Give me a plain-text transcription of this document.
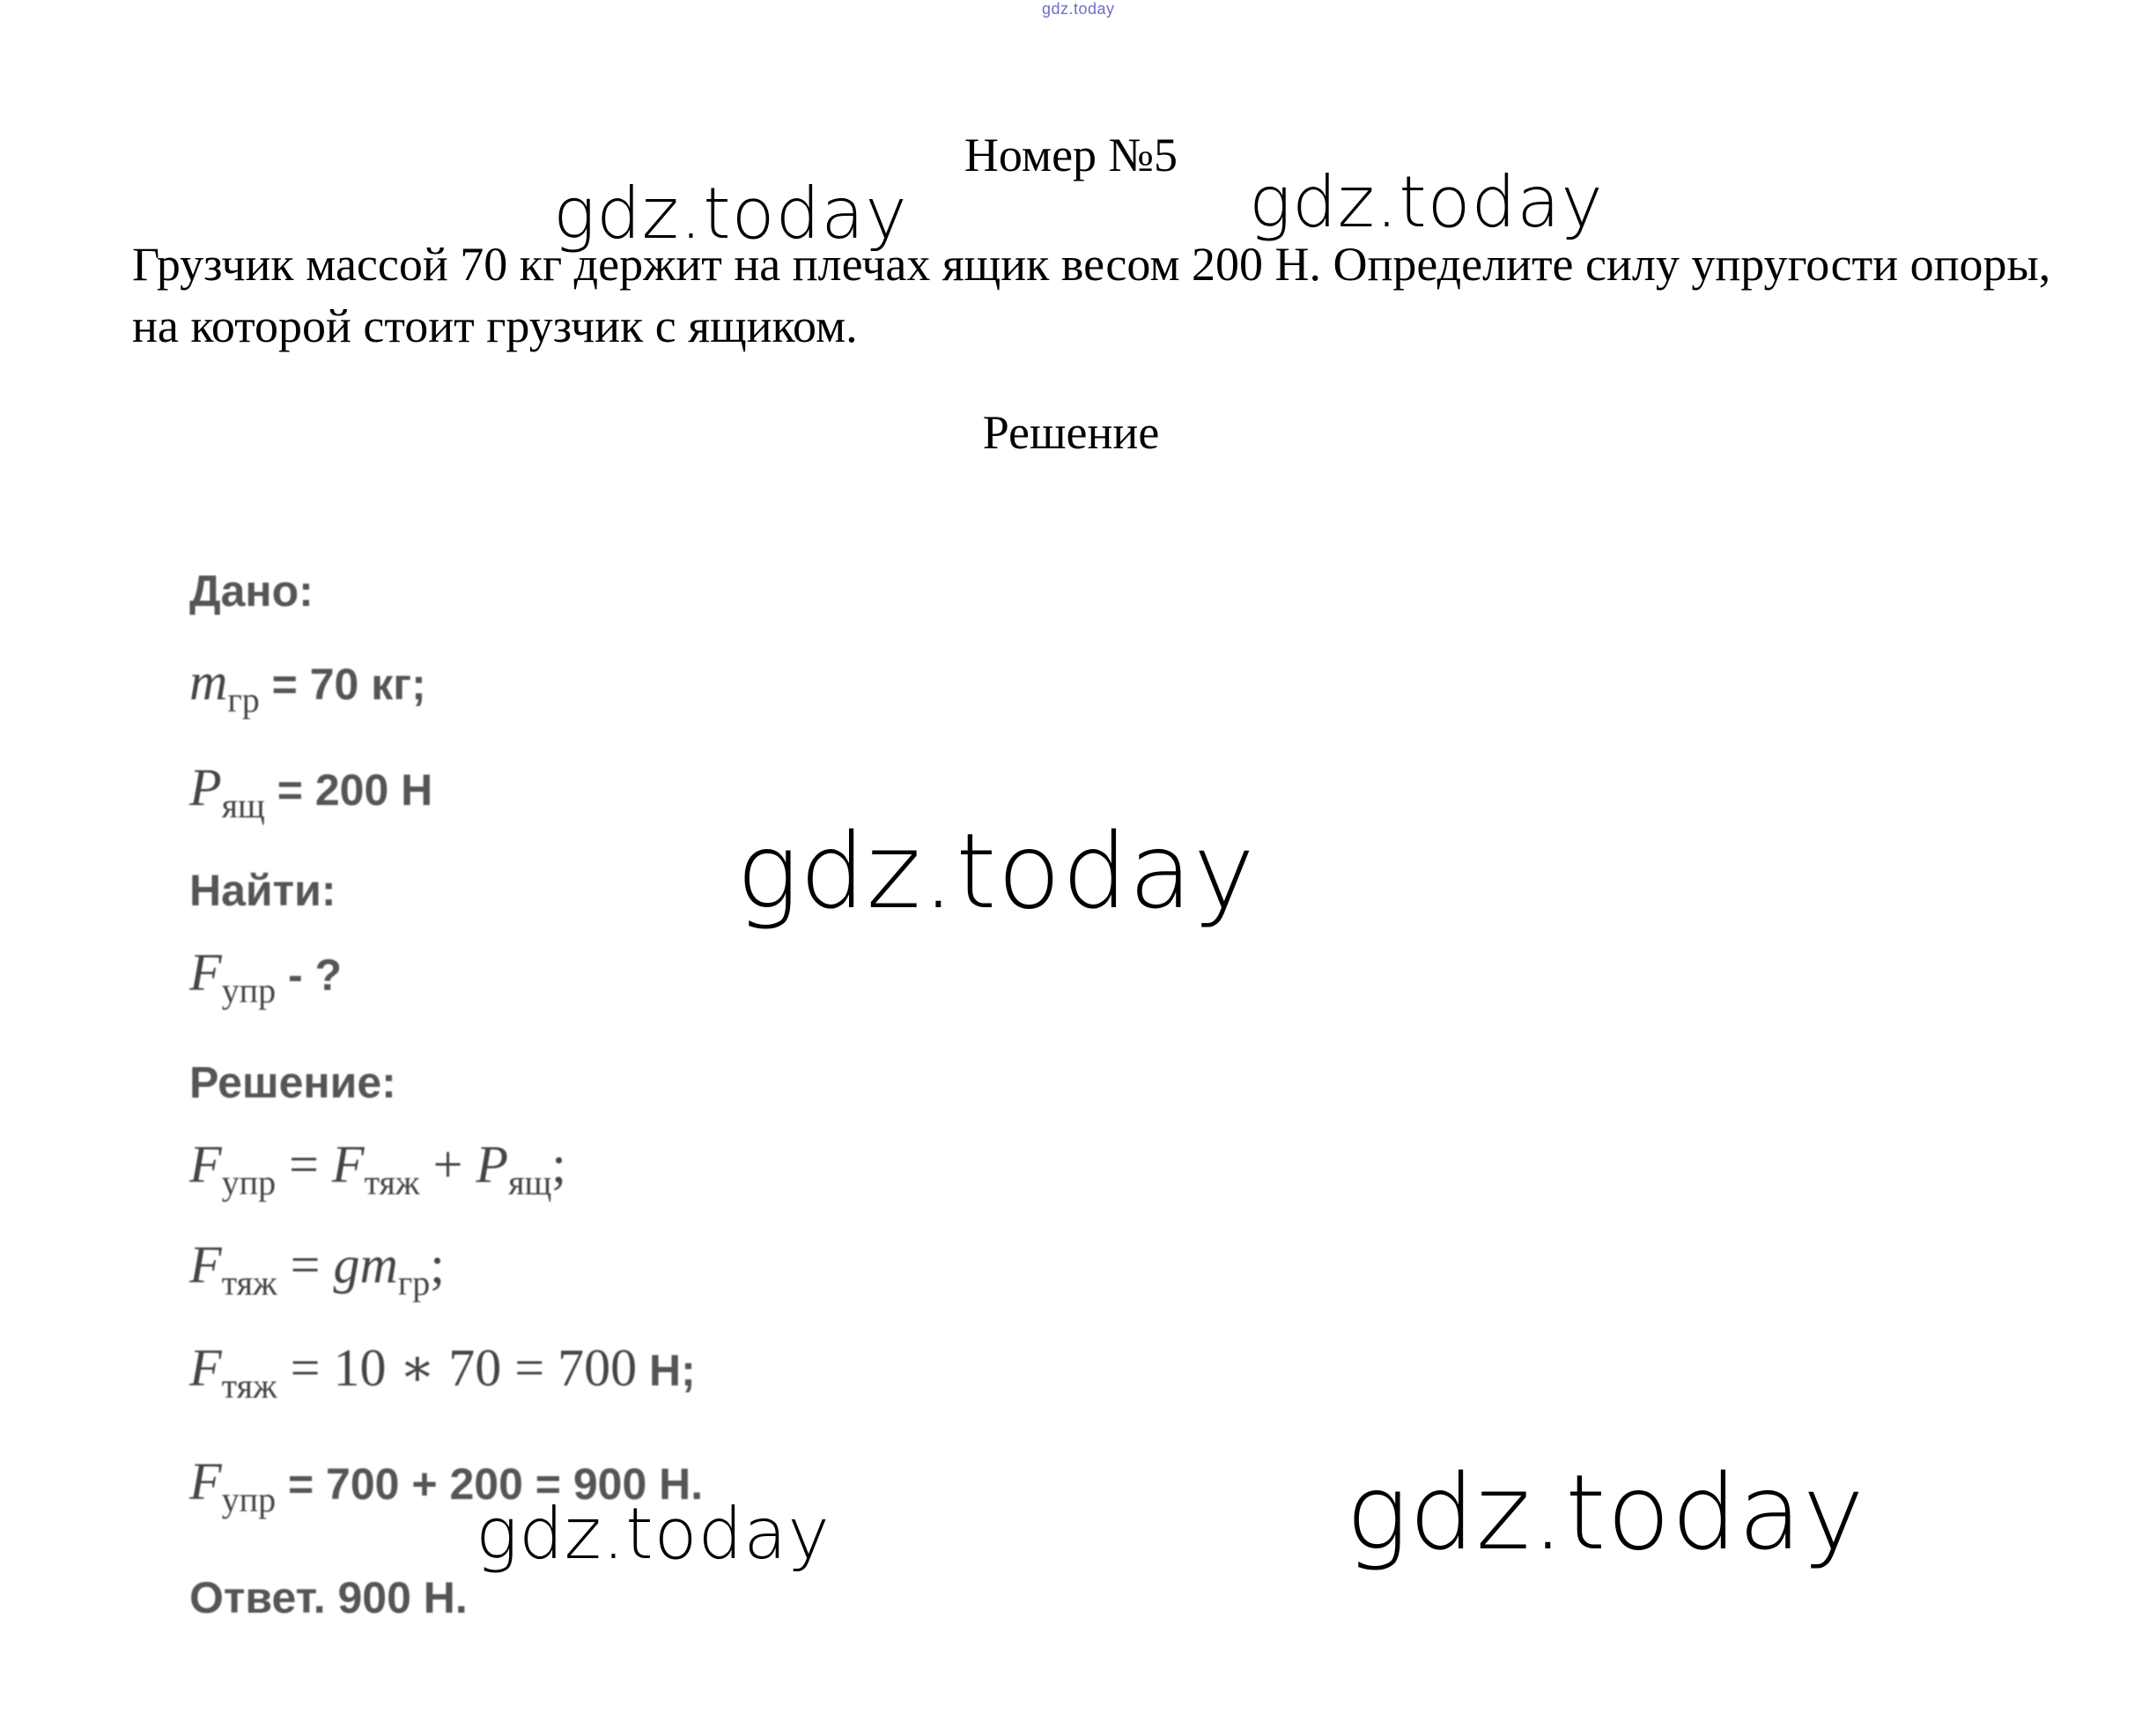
gdz.today
Номер №5
Грузчик массой 70 кг держит на плечах ящик весом 200 Н. Определите силу упругости опоры, на которой стоит грузчик с ящиком.
Решение
Дано:
$m_{гр} = 70$ кг;
$P_{ящ} = 200$ Н
Найти:
$F_{упр}$ - ?
Решение:
$F_{упр} = F_{тяж} + P_{ящ}$;
$F_{тяж} = gm_{гр}$;
$F_{тяж} = 10$ ∗ 70 = 700 Н;
$F_{упр} = 700 + 200 = 900$ Н.
Ответ. 900 Н.
gdz.today	gdz.today
gdz.today
gdz.today	gdz.today
